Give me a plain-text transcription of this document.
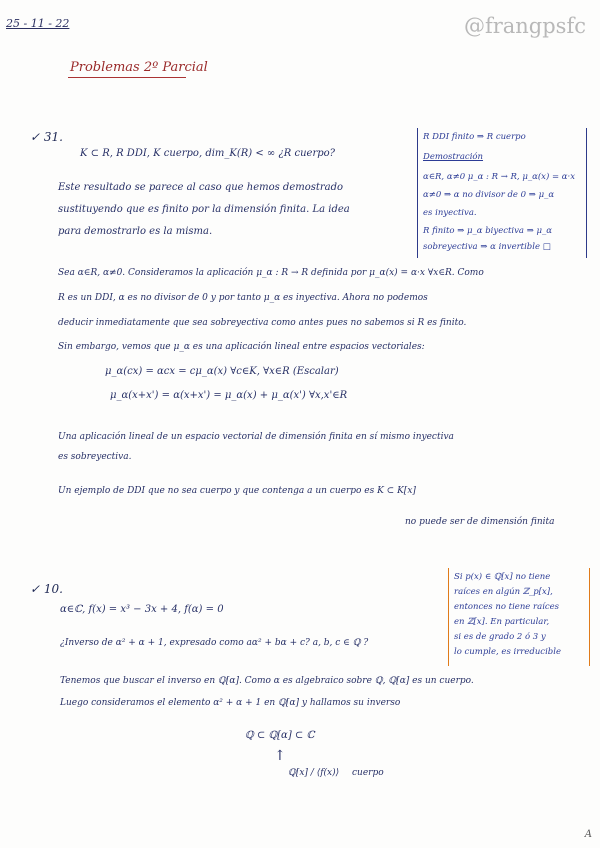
25 - 11 - 22	@frangpsfc
Problemas 2º Parcial
✓ 31.
K ⊂ R, R DDI, K cuerpo, dim_K(R) < ∞ ¿R cuerpo?
Este resultado se parece al caso que hemos demostrado
sustituyendo que es finito por la dimensión finita. La idea
para demostrarlo es la misma.
Sea α∈R, α≠0. Consideramos la aplicación μ_α : R → R definida por μ_α(x) = α·x ∀x∈R. Como
R es un DDI, α es no divisor de 0 y por tanto μ_α es inyectiva. Ahora no podemos
deducir inmediatamente que sea sobreyectiva como antes pues no sabemos si R es finito.
Sin embargo, vemos que μ_α es una aplicación lineal entre espacios vectoriales:
μ_α(cx) = αcx = cμ_α(x) ∀c∈K, ∀x∈R (Escalar)
μ_α(x+x') = α(x+x') = μ_α(x) + μ_α(x') ∀x,x'∈R
Una aplicación lineal de un espacio vectorial de dimensión finita en sí mismo inyectiva
es sobreyectiva.
Un ejemplo de DDI que no sea cuerpo y que contenga a un cuerpo es K ⊂ K[x]
no puede ser de dimensión finita
R DDI finito ⇒ R cuerpo
Demostración
α∈R, α≠0 μ_α : R → R, μ_α(x) = α·x
α≠0 ⇒ α no divisor de 0 ⇒ μ_α
es inyectiva.
R finito ⇒ μ_α biyectiva ⇒ μ_α
sobreyectiva ⇒ α invertible □
✓ 10.
α∈ℂ, f(x) = x³ − 3x + 4, f(α) = 0
¿Inverso de α² + α + 1, expresado como aα² + bα + c? a, b, c ∈ ℚ ?
Tenemos que buscar el inverso en ℚ[α]. Como α es algebraico sobre ℚ, ℚ[α] es un cuerpo.
Luego consideramos el elemento α² + α + 1 en ℚ[α] y hallamos su inverso
ℚ ⊂ ℚ[α] ⊂ ℂ
↑
ℚ[x] / ⟨f(x)⟩ cuerpo
Si p(x) ∈ ℚ[x] no tiene
raíces en algún ℤ_p[x],
entonces no tiene raíces
en ℤ[x]. En particular,
si es de grado 2 ó 3 y
lo cumple, es irreducible
A
